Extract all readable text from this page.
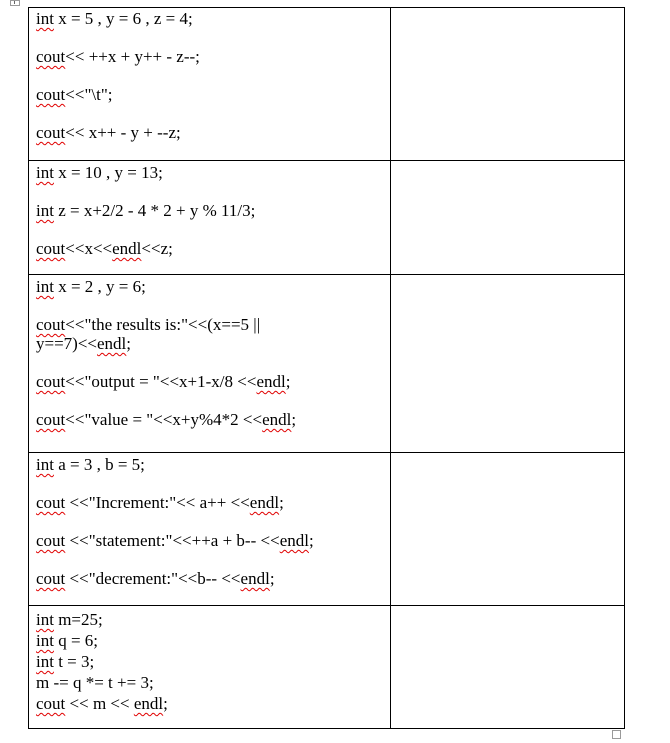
int x = 5 , y = 6 , z = 4;
cout<< ++x + y++ - z--;
cout<<"\t";
cout<< x++ - y + --z;	

int x = 10 , y = 13;
int z = x+2/2 - 4 * 2 + y % 11/3;
cout<<x<<endl<<z;	

int x = 2 , y = 6;
cout<<"the results is:"<<(x==5 || y==7)<<endl;
cout<<"output = "<<x+1-x/8 <<endl;
cout<<"value = "<<x+y%4*2 <<endl;	

int a = 3 , b = 5;
cout <<"Increment:"<< a++ <<endl;
cout <<"statement:"<<++a + b-- <<endl;
cout <<"decrement:"<<b-- <<endl;	

int m=25;
int q = 6;
int t = 3;
m -= q *= t += 3;
cout << m << endl;	
